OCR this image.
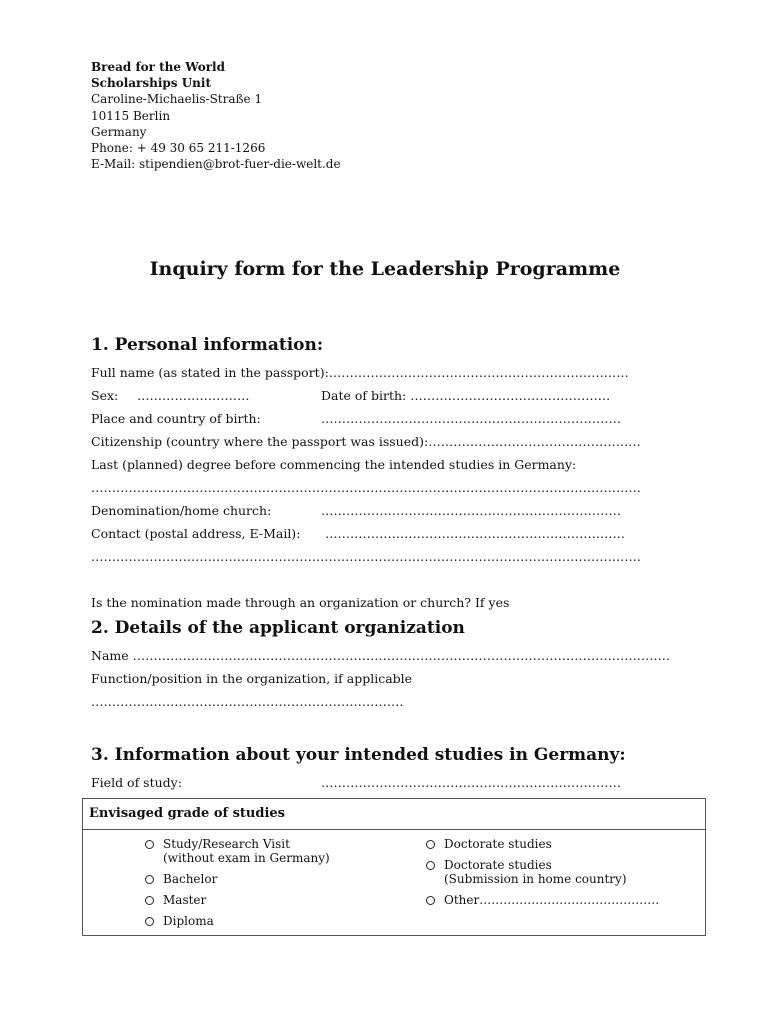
Bread for the World
Scholarships Unit
Caroline-Michaelis-Straße 1
10115 Berlin
Germany
Phone: + 49 30 65 211-1266
E-Mail: stipendien@brot-fuer-die-welt.de
Inquiry form for the Leadership Programme
1. Personal information:
Full name (as stated in the passport):………………………………………………………………
Sex: ………………………	Date of birth: …………………………………………
Place and country of birth:	………………………………………………………………
Citizenship (country where the passport was issued):……………………………………………
Last (planned) degree before commencing the intended studies in Germany:
……………………………………………………………………………………………………………………
Denomination/home church:	………………………………………………………………
Contact (postal address, E-Mail): ………………………………………………………………
……………………………………………………………………………………………………………………
Is the nomination made through an organization or church? If yes
2. Details of the applicant organization
Name …………………………………………………………………………………………………………………
Function/position in the organization, if applicable
…………………………………………………………………
3. Information about your intended studies in Germany:
Field of study:	………………………………………………………………
Envisaged grade of studies
Study/Research Visit
(without exam in Germany)
Bachelor
Master
Diploma
Doctorate studies
Doctorate studies
(Submission in home country)
Other………………………………………
